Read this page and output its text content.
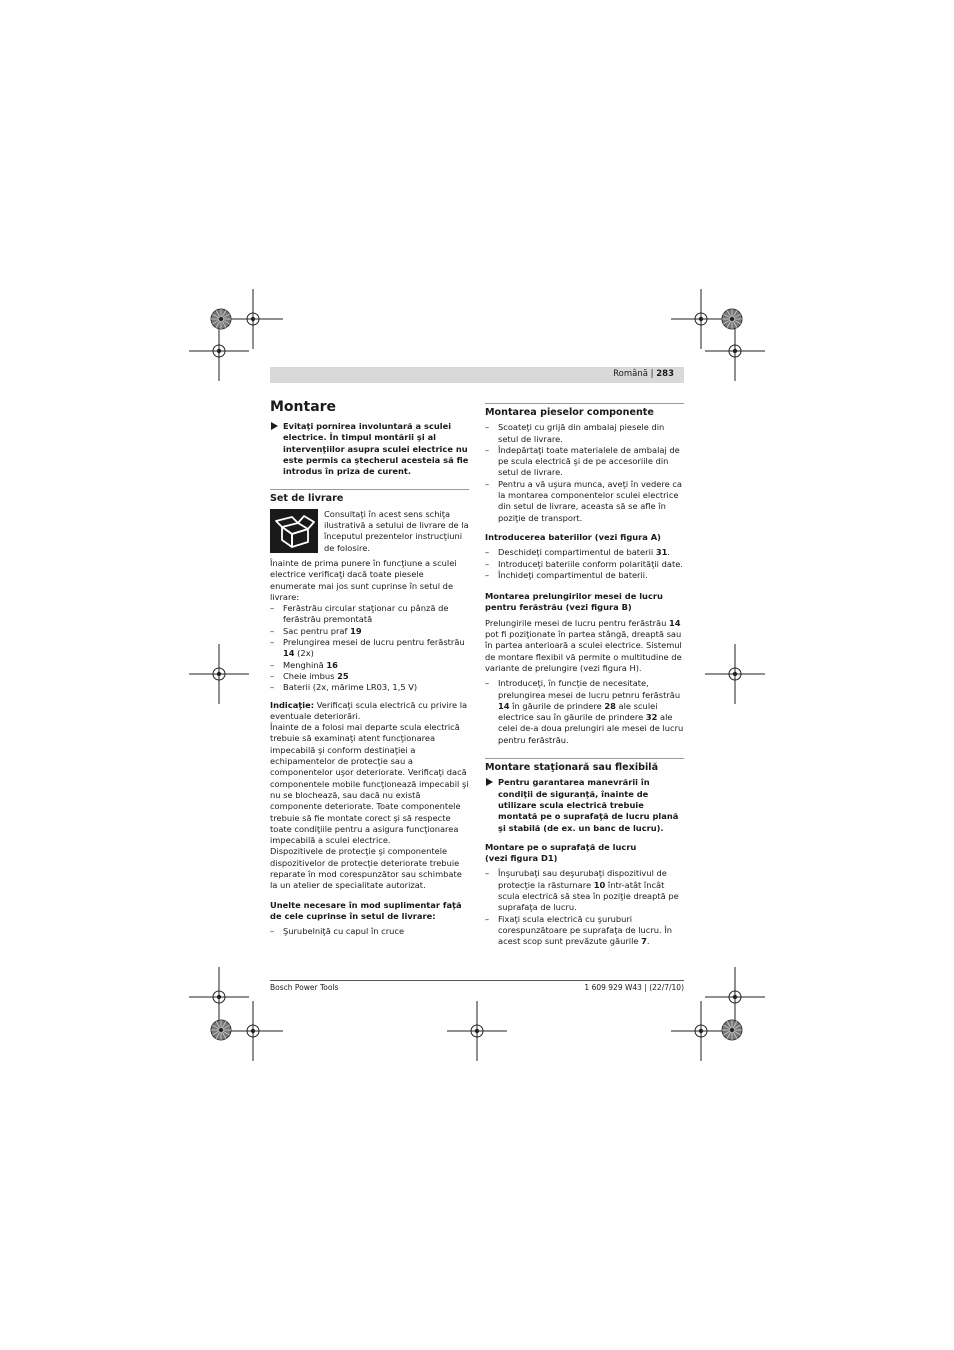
Română | 283
Montare
Evitaţi pornirea involuntară a sculei electrice. În timpul montării şi al intervenţiilor asupra sculei electrice nu este permis ca ştecherul acesteia să fie introdus în priza de curent.
Set de livrare
Consultaţi în acest sens schiţa ilustrativă a setului de livrare de la începutul prezentelor instrucţiuni de folosire.

Înainte de prima punere în funcţiune a sculei electrice verificaţi dacă toate piesele enumerate mai jos sunt cuprinse în setul de livrare:

– Ferăstrău circular staţionar cu pânză de ferăstrău premontată
– Sac pentru praf 19
– Prelungirea mesei de lucru pentru ferăstrău 14 (2x)
– Menghină 16
– Cheie imbus 25
– Baterii (2x, mărime LR03, 1,5 V)

Indicaţie: Verificaţi scula electrică cu privire la eventuale deteriorări.

Înainte de a folosi mai departe scula electrică trebuie să examinaţi atent funcţionarea impecabilă şi conform destinaţiei a echipamentelor de protecţie sau a componentelor uşor deteriorate. Verificaţi dacă componentele mobile funcţionează impecabil şi nu se blochează, sau dacă nu există componente deteriorate. Toate componentele trebuie să fie montate corect şi să respecte toate condiţiile pentru a asigura funcţionarea impecabilă a sculei electrice.

Dispozitivele de protecţie şi componentele dispozitivelor de protecţie deteriorate trebuie reparate în mod corespunzător sau schimbate la un atelier de specialitate autorizat.

Unelte necesare în mod suplimentar faţă de cele cuprinse în setul de livrare:

– Şurubelniţă cu capul în cruce
Montarea pieselor componente
– Scoateţi cu grijă din ambalaj piesele din setul de livrare.
– Îndepărtaţi toate materialele de ambalaj de pe scula electrică şi de pe accesoriile din setul de livrare.
– Pentru a vă uşura munca, aveţi în vedere ca la montarea componentelor sculei electrice din setul de livrare, aceasta să se afle în poziţie de transport.

Introducerea bateriilor (vezi figura A)

– Deschideţi compartimentul de baterii 31.
– Introduceţi bateriile conform polarităţii date.
– Închideţi compartimentul de baterii.

Montarea prelungirilor mesei de lucru pentru ferăstrău (vezi figura B)

Prelungirile mesei de lucru pentru ferăstrău 14 pot fi poziţionate în partea stângă, dreaptă sau în partea anterioară a sculei electrice. Sistemul de montare flexibil vă permite o multitudine de variante de prelungire (vezi figura H).

– Introduceţi, în funcţie de necesitate, prelungirea mesei de lucru petnru ferăstrău 14 în găurile de prindere 28 ale sculei electrice sau în găurile de prindere 32 ale celei de-a doua prelungiri ale mesei de lucru pentru ferăstrău.
Montare staţionară sau flexibilă
Pentru garantarea manevrării în condiţii de siguranţă, înainte de utilizare scula electrică trebuie montată pe o suprafaţă de lucru plană şi stabilă (de ex. un banc de lucru).

Montare pe o suprafaţă de lucru

(vezi figura D1)

– Înşurubaţi sau deşurubaţi dispozitivul de protecţie la răsturnare 10 într-atât încât scula electrică să stea în poziţie dreaptă pe suprafaţa de lucru.
– Fixaţi scula electrică cu şuruburi corespunzătoare pe suprafaţa de lucru. În acest scop sunt prevăzute găurile 7.
Bosch Power Tools	1 609 929 W43 | (22/7/10)
